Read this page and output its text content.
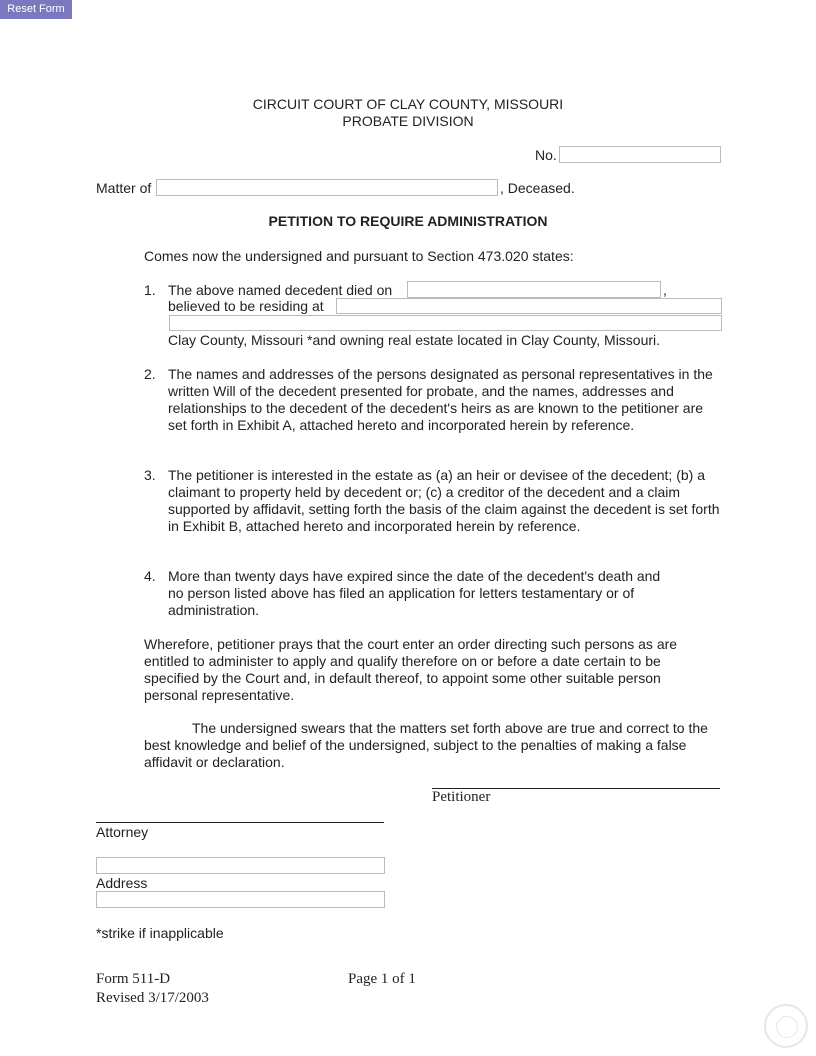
Reset Form
CIRCUIT COURT OF CLAY COUNTY, MISSOURI
PROBATE DIVISION
No.
Matter of	, Deceased.
PETITION TO REQUIRE ADMINISTRATION
Comes now the undersigned and pursuant to Section 473.020 states:
1. The above named decedent died on	,
believed to be residing at
Clay County, Missouri *and owning real estate located in Clay County, Missouri.
2. The names and addresses of the persons designated as personal representatives in the written Will of the decedent presented for probate, and the names, addresses and relationships to the decedent of the decedent's heirs as are known to the petitioner are set forth in Exhibit A, attached hereto and incorporated herein by reference.
3. The petitioner is interested in the estate as (a) an heir or devisee of the decedent; (b) a claimant to property held by decedent or; (c) a creditor of the decedent and a claim supported by affidavit, setting forth the basis of the claim against the decedent is set forth in Exhibit B, attached hereto and incorporated herein by reference.
4. More than twenty days have expired since the date of the decedent's death and no person listed above has filed an application for letters testamentary or of administration.
Wherefore, petitioner prays that the court enter an order directing such persons as are entitled to administer to apply and qualify therefore on or before a date certain to be specified by the Court and, in default thereof, to appoint some other suitable person personal representative.
The undersigned swears that the matters set forth above are true and correct to the best knowledge and belief of the undersigned, subject to the penalties of making a false affidavit or declaration.
Petitioner
Attorney
Address
*strike if inapplicable
Form 511-D
Revised 3/17/2003
Page 1 of 1
